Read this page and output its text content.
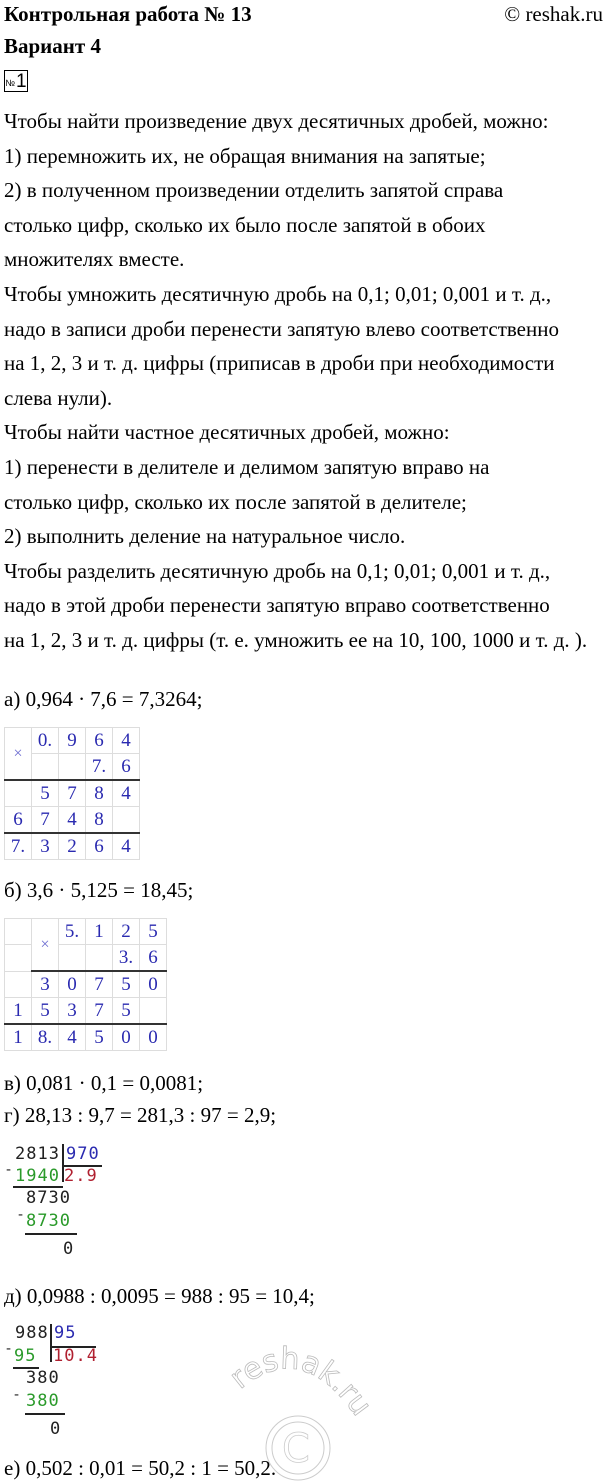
Контрольная работа № 13	© reshak.ru
Вариант 4
№ 1
Чтобы найти произведение двух десятичных дробей, можно:
1) перемножить их, не обращая внимания на запятые;
2) в полученном произведении отделить запятой справа
столько цифр, сколько их было после запятой в обоих
множителях вместе.
Чтобы умножить десятичную дробь на 0,1; 0,01; 0,001 и т. д.,
надо в записи дроби перенести запятую влево соответственно
на 1, 2, 3 и т. д. цифры (приписав в дроби при необходимости
слева нули).
Чтобы найти частное десятичных дробей, можно:
1) перенести в делителе и делимом запятую вправо на
столько цифр, сколько их после запятой в делителе;
2) выполнить деление на натуральное число.
Чтобы разделить десятичную дробь на 0,1; 0,01; 0,001 и т. д.,
надо в этой дроби перенести запятую вправо соответственно
на 1, 2, 3 и т. д. цифры (т. е. умножить ее на 10, 100, 1000 и т. д. ).
а) 0,964 · 7,6 = 7,3264;
×	0.	9	6	4
			7.	6
	5	7	8	4
6	7	4	8	
7.	3	2	6	4
б) 3,6 · 5,125 = 18,45;
	×	5.	1	2	5
				3.	6
	3	0	7	5	0
1	5	3	7	5	
1	8.	4	5	0	0
в) 0,081 · 0,1 = 0,0081;
г) 28,13 : 9,7 = 281,3 : 97 = 2,9;
2813 970
- 1940 2.9
8730
- 8730
0
д) 0,0988 : 0,0095 = 988 : 95 = 10,4;
988 95
- 95 10.4
380
- 380
0
е) 0,502 : 0,01 = 50,2 : 1 = 50,2.
reshak.ru
C
